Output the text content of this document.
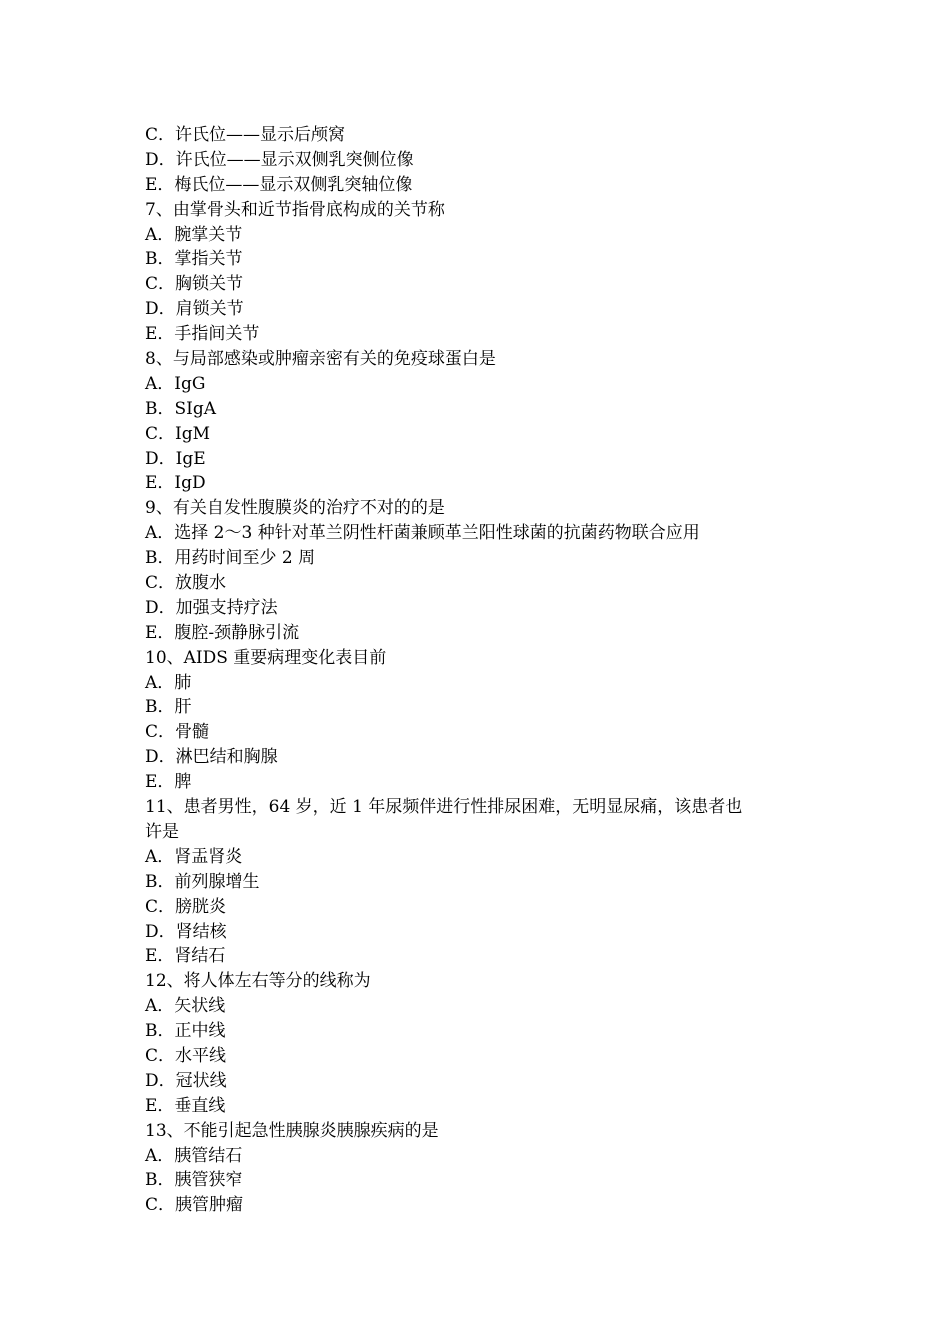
C．许氏位——显示后颅窝
D．许氏位——显示双侧乳突侧位像
E．梅氏位——显示双侧乳突轴位像
7、由掌骨头和近节指骨底构成的关节称
A．腕掌关节
B．掌指关节
C．胸锁关节
D．肩锁关节
E．手指间关节
8、与局部感染或肿瘤亲密有关的免疫球蛋白是
A．IgG
B．SIgA
C．IgM
D．IgE
E．IgD
9、有关自发性腹膜炎的治疗不对的的是
A．选择 2～3 种针对革兰阴性杆菌兼顾革兰阳性球菌的抗菌药物联合应用
B．用药时间至少 2 周
C．放腹水
D．加强支持疗法
E．腹腔-颈静脉引流
10、AIDS 重要病理变化表目前
A．肺
B．肝
C．骨髓
D．淋巴结和胸腺
E．脾
11、患者男性，64 岁，近 1 年尿频伴进行性排尿困难，无明显尿痛，该患者也
许是
A．肾盂肾炎
B．前列腺增生
C．膀胱炎
D．肾结核
E．肾结石
12、将人体左右等分的线称为
A．矢状线
B．正中线
C．水平线
D．冠状线
E．垂直线
13、不能引起急性胰腺炎胰腺疾病的是
A．胰管结石
B．胰管狭窄
C．胰管肿瘤
